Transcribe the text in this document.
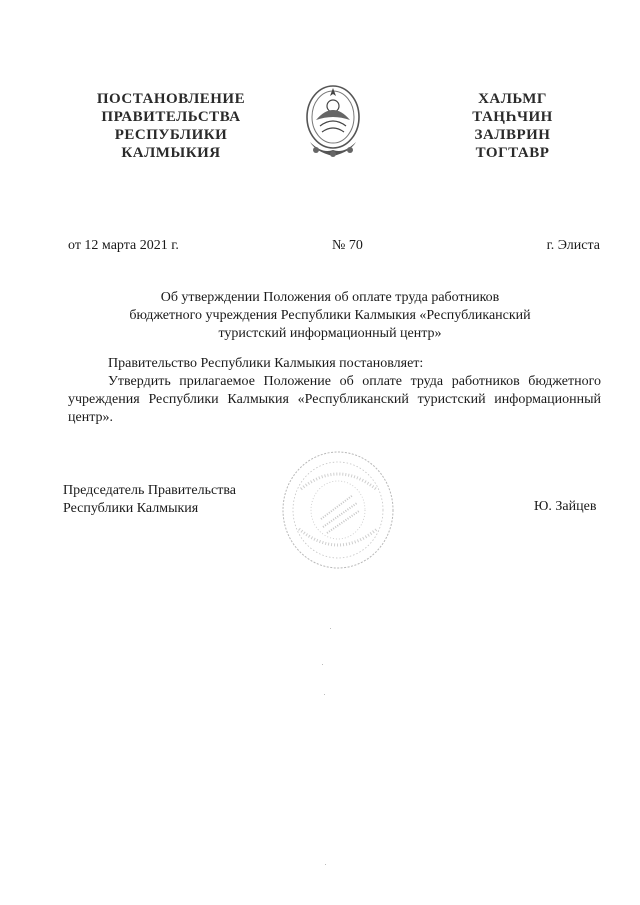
ПОСТАНОВЛЕНИЕ
ПРАВИТЕЛЬСТВА
РЕСПУБЛИКИ
КАЛМЫКИЯ
ХАЛЬМГ
ТАҢҺЧИН
ЗАЛВРИН
ТОГТАВР
от 12 марта 2021 г.	№ 70	г. Элиста
Об утверждении Положения об оплате труда работников
бюджетного учреждения Республики Калмыкия «Республиканский
туристский информационный центр»
Правительство Республики Калмыкия постановляет:
Утвердить прилагаемое Положение об оплате труда работников бюджетного учреждения Республики Калмыкия «Республиканский туристский информационный центр».
Председатель Правительства
Республики Калмыкия	Ю. Зайцев
